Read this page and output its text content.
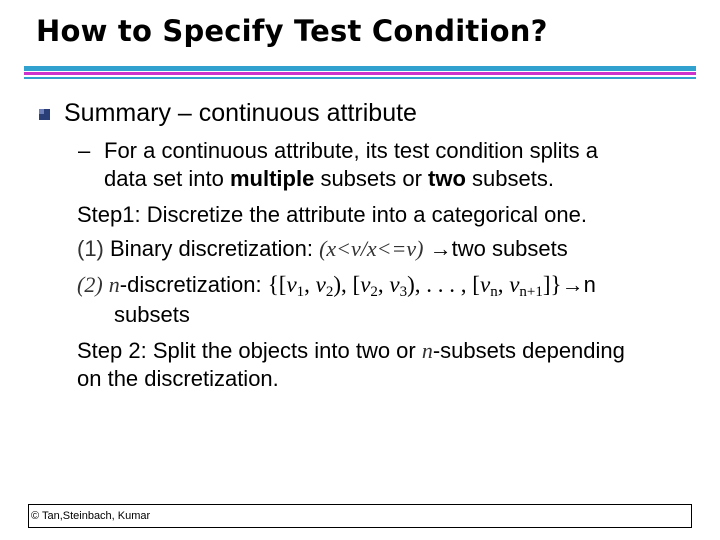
How to Specify Test Condition?
Summary – continuous attribute
– For a continuous attribute, its test condition splits a
data set into multiple subsets or two subsets.
Step1: Discretize the attribute into a categorical one.
(1) Binary discretization: (x<v/x<=v) →two subsets
(2) n-discretization: {[$v_1$, $v_2$), [$v_2$, $v_3$), . . . , [$v_n$, $v_{n+1}]\}\to n$
subsets
Step 2: Split the objects into two or n-subsets depending
on the discretization.
© Tan,Steinbach, Kumar
